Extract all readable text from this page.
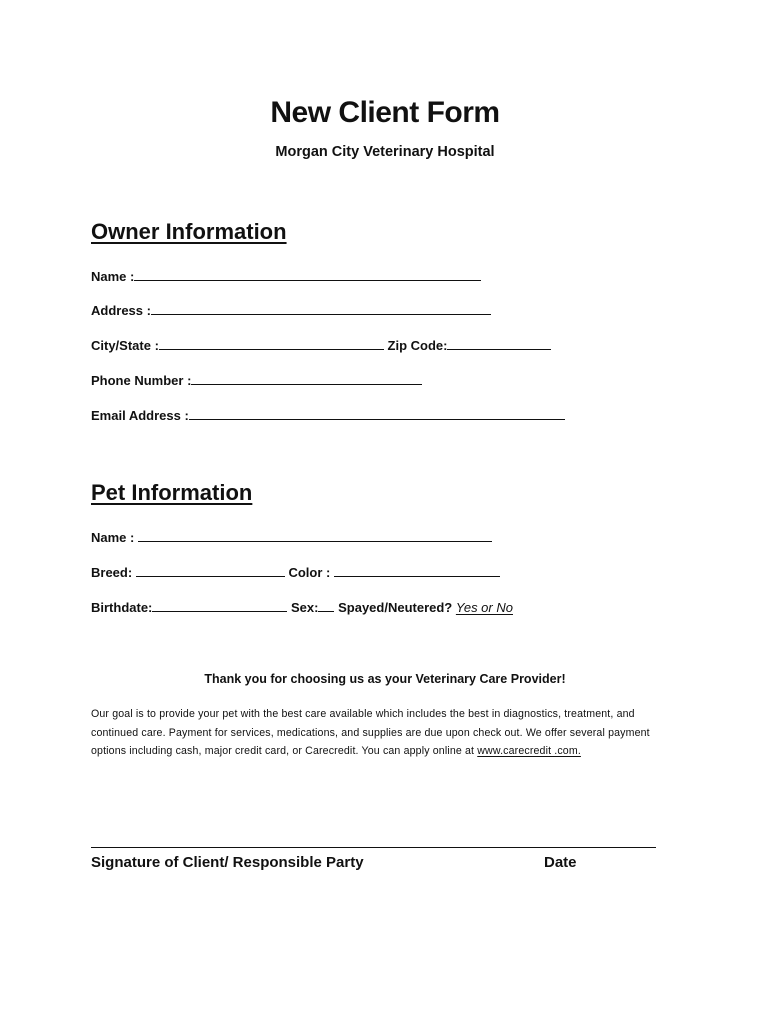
New Client Form
Morgan City Veterinary Hospital
Owner Information
Name :
Address :
City/State :	Zip Code:
Phone Number :
Email Address :
Pet Information
Name :
Breed:	Color :
Birthdate:	Sex: Spayed/Neutered? Yes or No
Thank you for choosing us as your Veterinary Care Provider!
Our goal is to provide your pet with the best care available which includes the best in diagnostics, treatment, and continued care. Payment for services, medications, and supplies are due upon check out. We offer several payment options including cash, major credit card, or Carecredit. You can apply online at www.carecredit .com.
Signature of Client/ Responsible Party	Date
